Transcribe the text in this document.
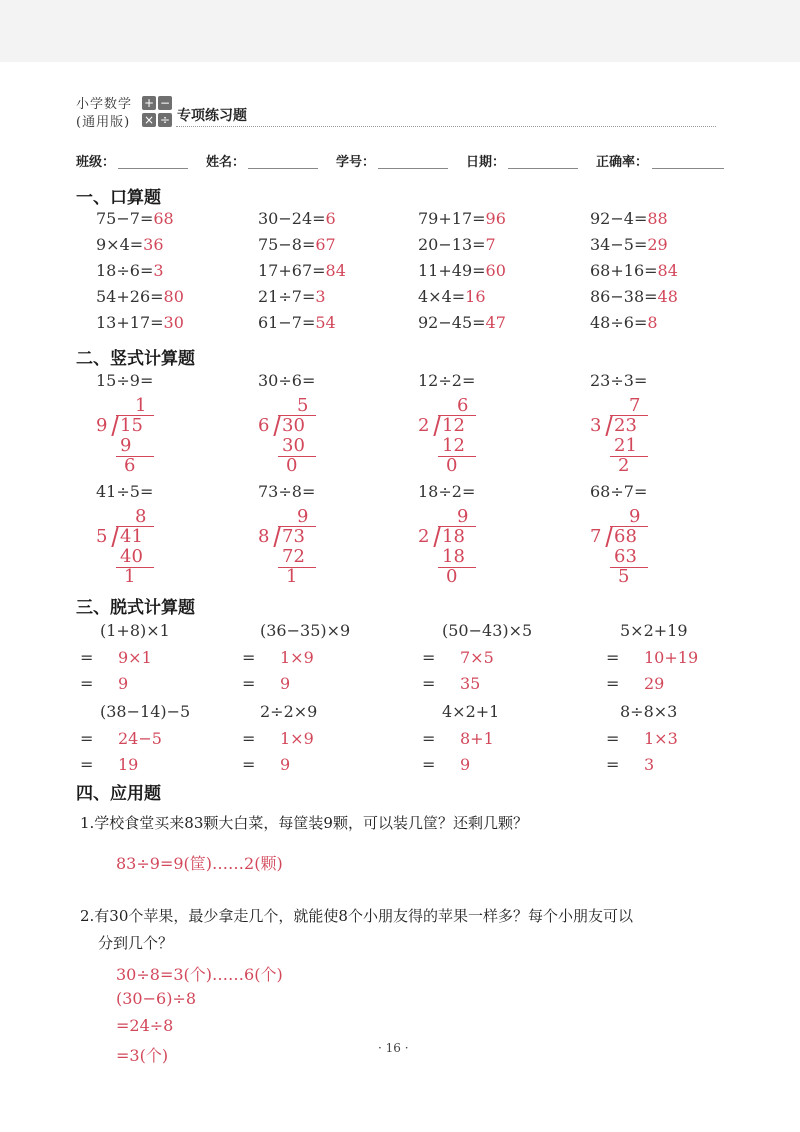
小学数学
(通用版)
+ −
× ÷ 专项练习题
班级：	姓名：	学号：	日期：	正确率：
一、口算题
75−7=68	30−24=6	79+17=96	92−4=88
9×4=36	75−8=67	20−13=7	34−5=29
18÷6=3	17+67=84	11+49=60	68+16=84
54+26=80	21÷7=3	4×4=16	86−38=48
13+17=30	61−7=54	92−45=47	48÷6=8
二、竖式计算题
15÷9=
1
9 15
9
6
30÷6=
5
6 30
30
0
12÷2=
6
2 12
12
0
23÷3=
7
3 23
21
2
41÷5=
8
5 41
40
1
73÷8=
9
8 73
72
1
18÷2=
9
2 18
18
0
68÷7=
9
7 68
63
5
三、脱式计算题
(1+8)×1
= 9×1
= 9
(36−35)×9
= 1×9
= 9
(50−43)×5
= 7×5
= 35
5×2+19
= 10+19
= 29
(38−14)−5
= 24−5
= 19
2÷2×9
= 1×9
= 9
4×2+1
= 8+1
= 9
8÷8×3
= 1×3
= 3
四、应用题
1.学校食堂买来83颗大白菜，每筐装9颗，可以装几筐？还剩几颗？
83÷9=9(筐)……2(颗)
2.有30个苹果，最少拿走几个，就能使8个小朋友得的苹果一样多？每个小朋友可以
分到几个？
30÷8=3(个)……6(个)
(30−6)÷8
=24÷8
=3(个)	· 16 ·
